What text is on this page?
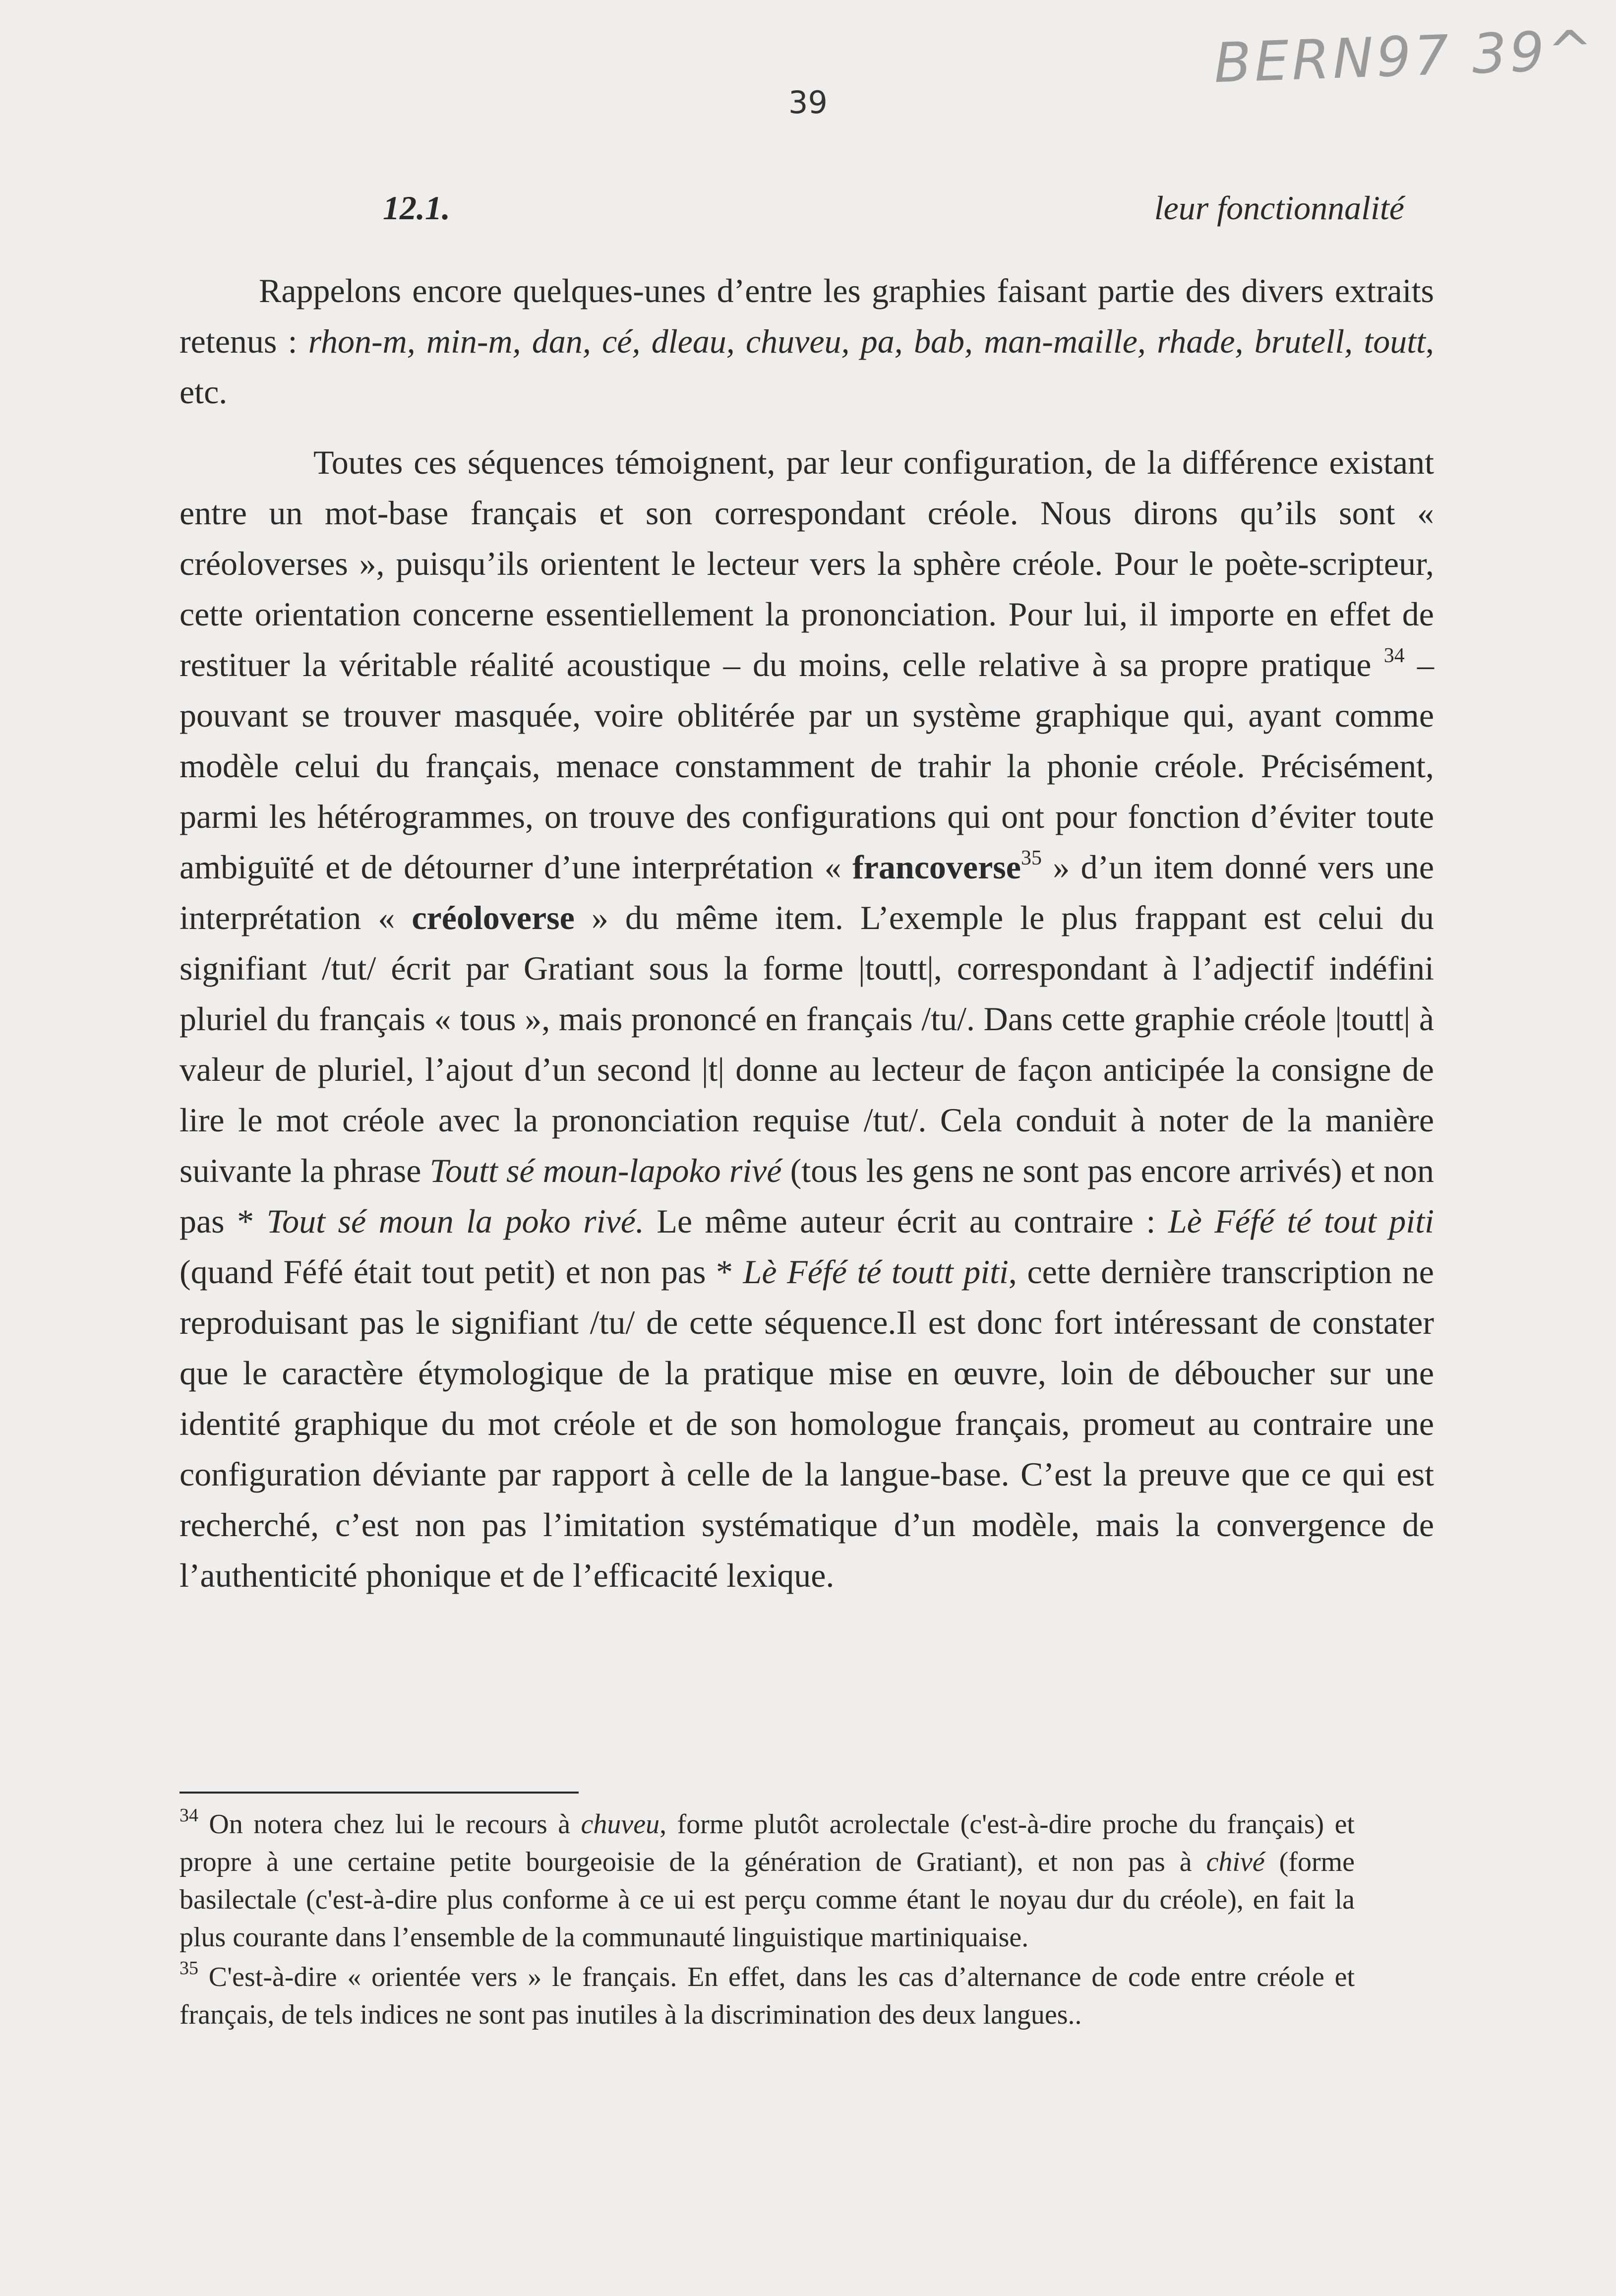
BERN97 39^
39
12.1.	leur fonctionnalité

Rappelons encore quelques-unes d’entre les graphies faisant partie des divers extraits retenus : rhon-m, min-m, dan, cé, dleau, chuveu, pa, bab, man-maille, rhade, brutell, toutt, etc.

Toutes ces séquences témoignent, par leur configuration, de la différence existant entre un mot-base français et son correspondant créole. Nous dirons qu’ils sont « créoloverses », puisqu’ils orientent le lecteur vers la sphère créole. Pour le poète-scripteur, cette orientation concerne essentiellement la prononciation. Pour lui, il importe en effet de restituer la véritable réalité acoustique – du moins, celle relative à sa propre pratique $^{34}$ – pouvant se trouver masquée, voire oblitérée par un système graphique qui, ayant comme modèle celui du français, menace constamment de trahir la phonie créole. Précisément, parmi les hétérogrammes, on trouve des configurations qui ont pour fonction d’éviter toute ambiguïté et de détourner d’une interprétation « francoverse$^{35}$ » d’un item donné vers une interprétation « créoloverse » du même item. L’exemple le plus frappant est celui du signifiant /tut/ écrit par Gratiant sous la forme |toutt|, correspondant à l’adjectif indéfini pluriel du français « tous », mais prononcé en français /tu/. Dans cette graphie créole |toutt| à valeur de pluriel, l’ajout d’un second |t| donne au lecteur de façon anticipée la consigne de lire le mot créole avec la prononciation requise /tut/. Cela conduit à noter de la manière suivante la phrase Toutt sé moun-lapoko rivé (tous les gens ne sont pas encore arrivés) et non pas * Tout sé moun la poko rivé. Le même auteur écrit au contraire : Lè Féfé té tout piti (quand Féfé était tout petit) et non pas * Lè Féfé té toutt piti, cette dernière transcription ne reproduisant pas le signifiant /tu/ de cette séquence.Il est donc fort intéressant de constater que le caractère étymologique de la pratique mise en œuvre, loin de déboucher sur une identité graphique du mot créole et de son homologue français, promeut au contraire une configuration déviante par rapport à celle de la langue-base. C’est la preuve que ce qui est recherché, c’est non pas l’imitation systématique d’un modèle, mais la convergence de l’authenticité phonique et de l’efficacité lexique.

$^{34}$ On notera chez lui le recours à chuveu, forme plutôt acrolectale (c'est-à-dire proche du français) et propre à une certaine petite bourgeoisie de la génération de Gratiant), et non pas à chivé (forme basilectale (c'est-à-dire plus conforme à ce ui est perçu comme étant le noyau dur du créole), en fait la plus courante dans l’ensemble de la communauté linguistique martiniquaise.

$^{35}$ C'est-à-dire « orientée vers » le français. En effet, dans les cas d’alternance de code entre créole et français, de tels indices ne sont pas inutiles à la discrimination des deux langues..
